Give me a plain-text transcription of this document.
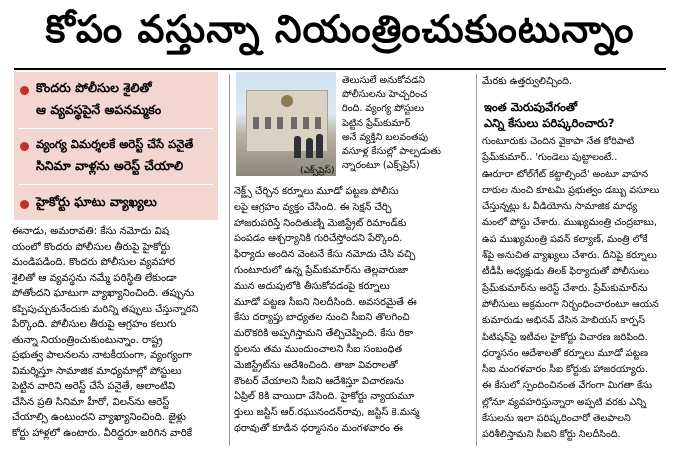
కోపం వస్తున్నా నియంత్రించుకుంటున్నాం
కొందరు పోలీసుల శైలితో
ఆ వ్యవస్థపైనే అపనమ్మకం
వ్యంగ్య విమర్శలకే అరెస్ట్ చేసే పనైతే
సినిమా వాళ్లను అరెస్ట్ చేయాలి
హైకోర్టు ఘాటు వ్యాఖ్యలు
(ఎక్స్‌ప్రెస్)

ఈనాడు, అమరావతి: కేసు నమోదు విష

యంలో కొందరు పోలీసుల తీరుపై హైకోర్టు

మండిపడింది. కొందరు పోలీసుల వ్యవహార

శైలితో ఆ వ్యవస్థను నమ్మే పరిస్థితి లేకుండా

పోతోందని ఘాటుగా వ్యాఖ్యానించింది. తప్పును

కప్పిపుచ్చుకునేందుకు మరిన్ని తప్పులు చేస్తున్నారని

పేర్కొంది. పోలీసుల తీరుపై ఆగ్రహం కలుగు

తున్నా నియంత్రించుకుంటున్నాం. రాష్ట్ర

ప్రభుత్వ పాలనలను నాటకీయంగా, వ్యంగ్యంగా

విమర్శిస్తూ సామాజిక మాధ్యమాల్లో పోస్టులు

పెట్టిన వారిని అరెస్ట్ చేసే పనైతే, ఆలాంటివి

చేసిన ప్రతి సినిమా హీరో, విలన్‌ను ఆరెస్ట్

చేయాల్సి ఉంటుందని వ్యాఖ్యానించింది. జైళ్లు

కోర్టు హాళ్లలో ఉంటారు. వీరిద్దరూ జరిగిన వారికే

తెలుసులే అనుకోవడని

పోలీసులను హెచ్చరించ

రింది. వ్యంగ్య పోస్టులు

పెట్టిన ప్రేమ్‌కుమార్

అనే వ్యక్తిని బలవంతపు

వసూళ్ల కేసుల్లో పాల్పడుతు

న్నారంటూ (ఎక్స్‌ప్రెస్)

నెక్ట్స్ చేర్చిన కర్నూలు మూడో పట్టణ పోలీసు

లపై ఆగ్రహం వ్యక్తం చేసింది. ఈ సెక్షన్ చేర్చి

హాజరుపరిస్తే నిందితుణ్ని మెజిస్ట్రేట్ రిమాండ్‌కు

పంపడం ఆశ్చర్యానికి గురిచేస్తోందని పేర్కొంది.

ఫిర్యాదు అందిన వెంటనే కేసు నమోదు చేసి వచ్చి

గుంటూరులో ఉన్న ప్రేమ్‌కుమార్‌ను తెల్లవారుజా

మున అదుపులోకి తీసుకోవడంపై కర్నూలు

మూడో పట్టణ సీఐని నిలదీసింది. అవసరమైతే ఈ

కేసు దర్యాప్తు బాధ్యతల నుంచి సీఐని తొలగించి

మరొకరికి అప్పగిస్తామని తేల్చిచెప్పింది. కేసు రికా

ర్డులను తమ ముందుంచాలని సీఐ సంబంధిత

మెజిస్ట్రేట్‌ను ఆదేశించింది. తాజా వివరాలతో

కౌంటర్ వేయాలని సీఐని ఆదేశిస్తూ విచారణను

ఏప్రిల్ 8కి వాయిదా వేసింది. హైకోర్టు న్యాయమూ

ర్తులు జస్టిస్ ఆర్.రఘునందన్‌రావు, జస్టిస్ కె.మన్మ

థరావుతో కూడిన ధర్మాసనం మంగళవారం ఈ

మేరకు ఉత్తర్వులిచ్చింది.

ఇంత మెరుపువేగంతో

ఎన్ని కేసులు పరిష్కరించారు?

గుంటూరుకు చెందిన వైకాపా నేత కోరిపాటి

ప్రేమ్‌కుమార్.. 'గుండెలు పుట్టాలంటే..

ఊరూరా టోల్‌గేట్ కట్టాల్సిందే' అంటూ వాహన

దారుల నుంచి కూటమి ప్రభుత్వం డబ్బు వసూలు

చేస్తున్నట్లు ఓ వీడియోను సామాజిక మాధ్య

మంలో పోస్టు చేశారు. ముఖ్యమంత్రి చంద్రబాబు,

ఉప ముఖ్యమంత్రి పవన్ కల్యాణ్, మంత్రి లోకే

శ్‌పై అనుచిత వ్యాఖ్యలు చేశారు. దీనిపై కర్నూలు

టీడీపీ అధ్యక్షుడు తిలక్ ఫిర్యాదుతో పోలీసులు

ప్రేమ్‌కుమార్‌ను అరెస్ట్ చేశారు. ప్రేమ్‌కుమార్‌ను

పోలీసులు అక్రమంగా నిర్బంధించారంటూ ఆయన

కుమారుడు అభినవ్ వేసిన హెబియస్ కార్పస్

పిటిషన్‌పై ఇటీవల హైకోర్టు విచారణ జరిపింది.

ధర్మాసనం ఆదేశాలతో కర్నూలు మూడో పట్టణ

సీఐ మంగళవారం సీఐ కోర్టుకు హాజరయ్యారు.

ఈ కేసులో స్పందించినంత వేగంగా మిగతా కేసు

ల్లోనూ వ్యవహరిస్తున్నారా అప్పటి వరకు ఎన్ని

కేసులను ఇలా పరిష్కరించారో తెలపాలని

పరిశీలిస్తామని సీఐని కోర్టు నిలదీసింది.
